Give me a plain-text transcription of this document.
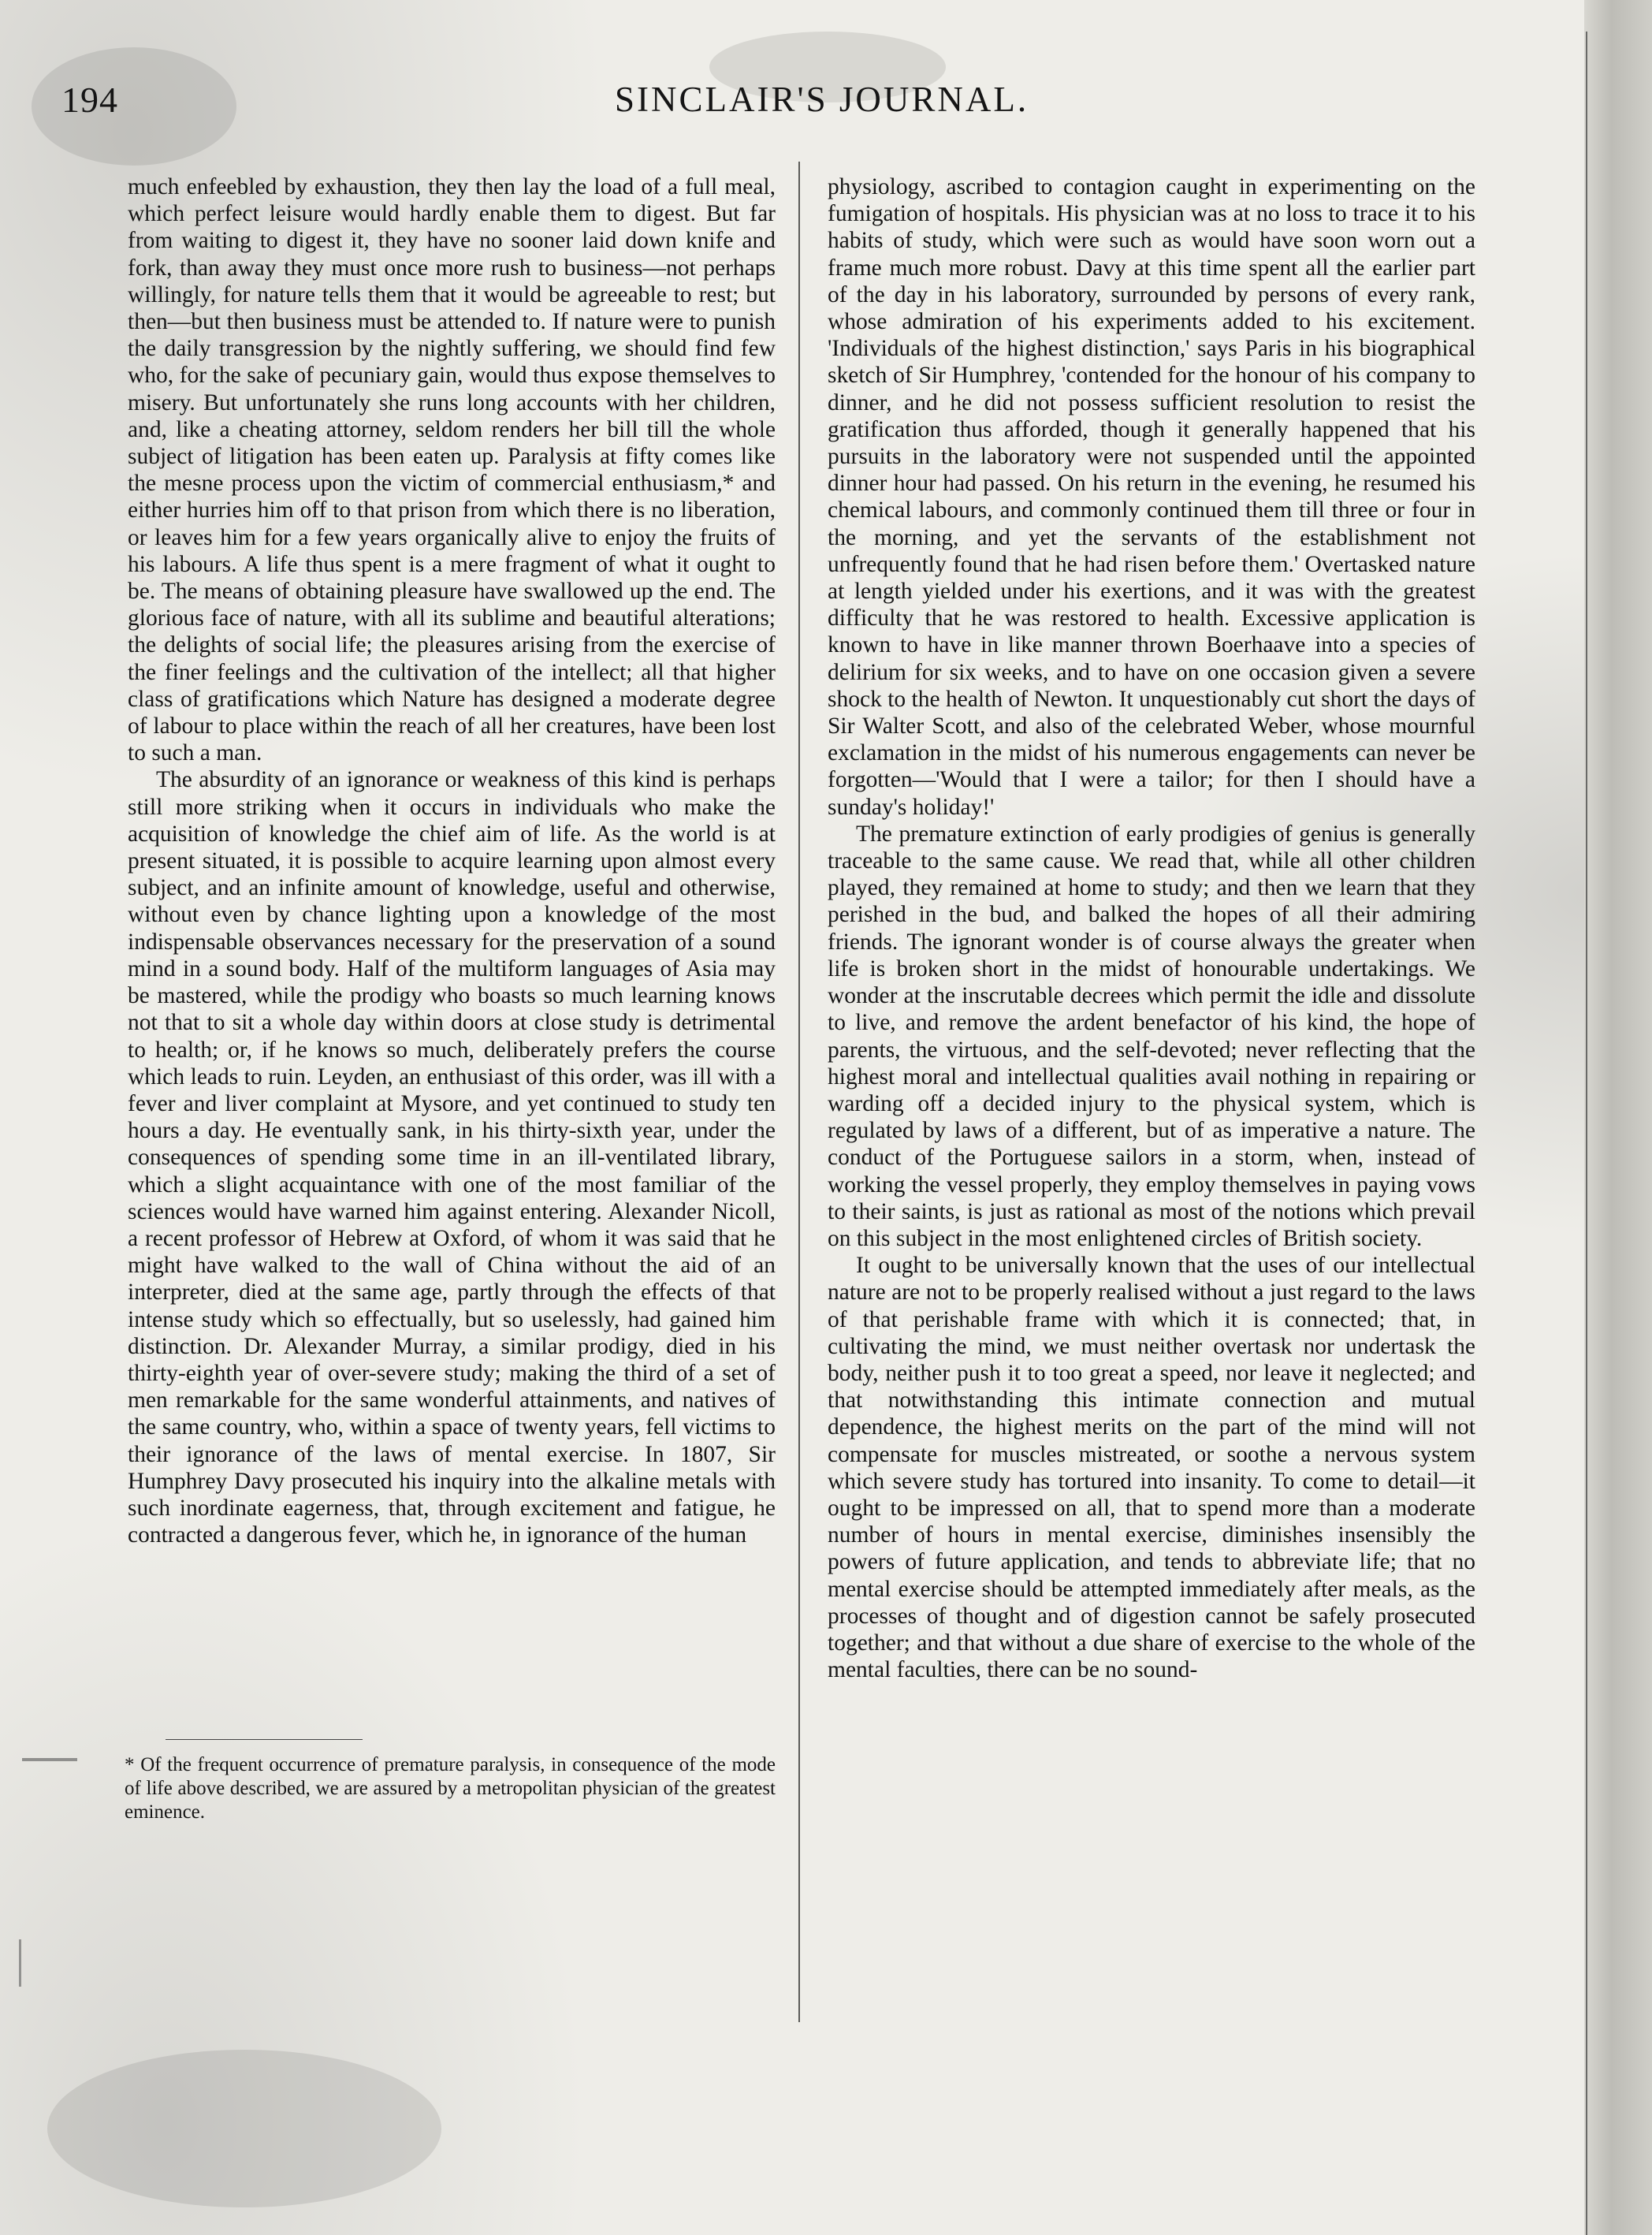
194	SINCLAIR'S JOURNAL.

much enfeebled by exhaustion, they then lay the load of a full meal, which perfect leisure would hardly enable them to digest. But far from waiting to digest it, they have no sooner laid down knife and fork, than away they must once more rush to business—not perhaps willingly, for nature tells them that it would be agreeable to rest; but then—but then business must be attended to. If nature were to punish the daily transgression by the nightly suffering, we should find few who, for the sake of pecuniary gain, would thus expose themselves to misery. But unfortunately she runs long accounts with her children, and, like a cheating attorney, seldom renders her bill till the whole subject of litigation has been eaten up. Paralysis at fifty comes like the mesne process upon the victim of commercial enthusiasm,* and either hurries him off to that prison from which there is no liberation, or leaves him for a few years organically alive to enjoy the fruits of his labours. A life thus spent is a mere fragment of what it ought to be. The means of obtaining pleasure have swallowed up the end. The glorious face of nature, with all its sublime and beautiful alterations; the delights of social life; the pleasures arising from the exercise of the finer feelings and the cultivation of the intellect; all that higher class of gratifications which Nature has designed a moderate degree of labour to place within the reach of all her creatures, have been lost to such a man.

The absurdity of an ignorance or weakness of this kind is perhaps still more striking when it occurs in individuals who make the acquisition of knowledge the chief aim of life. As the world is at present situated, it is possible to acquire learning upon almost every subject, and an infinite amount of knowledge, useful and otherwise, without even by chance lighting upon a knowledge of the most indispensable observances necessary for the preservation of a sound mind in a sound body. Half of the multiform languages of Asia may be mastered, while the prodigy who boasts so much learning knows not that to sit a whole day within doors at close study is detrimental to health; or, if he knows so much, deliberately prefers the course which leads to ruin. Leyden, an enthusiast of this order, was ill with a fever and liver complaint at Mysore, and yet continued to study ten hours a day. He eventually sank, in his thirty-sixth year, under the consequences of spending some time in an ill-ventilated library, which a slight acquaintance with one of the most familiar of the sciences would have warned him against entering. Alexander Nicoll, a recent professor of Hebrew at Oxford, of whom it was said that he might have walked to the wall of China without the aid of an interpreter, died at the same age, partly through the effects of that intense study which so effectually, but so uselessly, had gained him distinction. Dr. Alexander Murray, a similar prodigy, died in his thirty-eighth year of over-severe study; making the third of a set of men remarkable for the same wonderful attainments, and natives of the same country, who, within a space of twenty years, fell victims to their ignorance of the laws of mental exercise. In 1807, Sir Humphrey Davy prosecuted his inquiry into the alkaline metals with such inordinate eagerness, that, through excitement and fatigue, he contracted a dangerous fever, which he, in ignorance of the human

physiology, ascribed to contagion caught in experimenting on the fumigation of hospitals. His physician was at no loss to trace it to his habits of study, which were such as would have soon worn out a frame much more robust. Davy at this time spent all the earlier part of the day in his laboratory, surrounded by persons of every rank, whose admiration of his experiments added to his excitement. 'Individuals of the highest distinction,' says Paris in his biographical sketch of Sir Humphrey, 'contended for the honour of his company to dinner, and he did not possess sufficient resolution to resist the gratification thus afforded, though it generally happened that his pursuits in the laboratory were not suspended until the appointed dinner hour had passed. On his return in the evening, he resumed his chemical labours, and commonly continued them till three or four in the morning, and yet the servants of the establishment not unfrequently found that he had risen before them.' Overtasked nature at length yielded under his exertions, and it was with the greatest difficulty that he was restored to health. Excessive application is known to have in like manner thrown Boerhaave into a species of delirium for six weeks, and to have on one occasion given a severe shock to the health of Newton. It unquestionably cut short the days of Sir Walter Scott, and also of the celebrated Weber, whose mournful exclamation in the midst of his numerous engagements can never be forgotten—'Would that I were a tailor; for then I should have a sunday's holiday!'

The premature extinction of early prodigies of genius is generally traceable to the same cause. We read that, while all other children played, they remained at home to study; and then we learn that they perished in the bud, and balked the hopes of all their admiring friends. The ignorant wonder is of course always the greater when life is broken short in the midst of honourable undertakings. We wonder at the inscrutable decrees which permit the idle and dissolute to live, and remove the ardent benefactor of his kind, the hope of parents, the virtuous, and the self-devoted; never reflecting that the highest moral and intellectual qualities avail nothing in repairing or warding off a decided injury to the physical system, which is regulated by laws of a different, but of as imperative a nature. The conduct of the Portuguese sailors in a storm, when, instead of working the vessel properly, they employ themselves in paying vows to their saints, is just as rational as most of the notions which prevail on this subject in the most enlightened circles of British society.

It ought to be universally known that the uses of our intellectual nature are not to be properly realised without a just regard to the laws of that perishable frame with which it is connected; that, in cultivating the mind, we must neither overtask nor undertask the body, neither push it to too great a speed, nor leave it neglected; and that notwithstanding this intimate connection and mutual dependence, the highest merits on the part of the mind will not compensate for muscles mistreated, or soothe a nervous system which severe study has tortured into insanity. To come to detail—it ought to be impressed on all, that to spend more than a moderate number of hours in mental exercise, diminishes insensibly the powers of future application, and tends to abbreviate life; that no mental exercise should be attempted immediately after meals, as the processes of thought and of digestion cannot be safely prosecuted together; and that without a due share of exercise to the whole of the mental faculties, there can be no sound-

* Of the frequent occurrence of premature paralysis, in consequence of the mode of life above described, we are assured by a metropolitan physician of the greatest eminence.
